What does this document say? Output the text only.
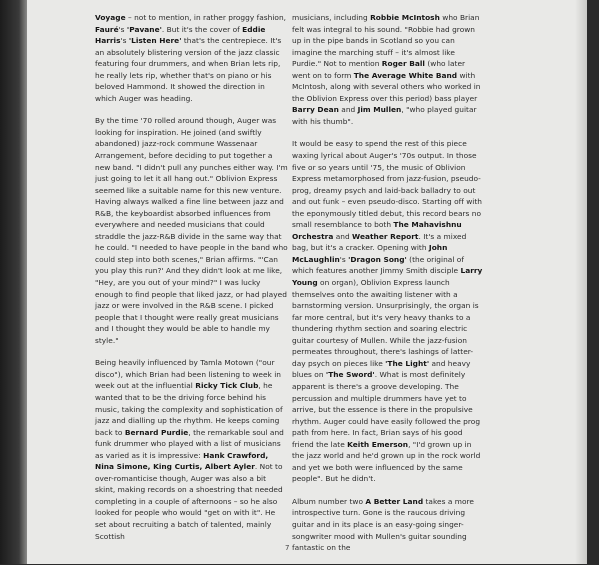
Voyage – not to mention, in rather proggy fashion, Fauré's 'Pavane'. But it's the cover of Eddie Harris's 'Listen Here' that's the centrepiece. It's an absolutely blistering version of the jazz classic featuring four drummers, and when Brian lets rip, he really lets rip, whether that's on piano or his beloved Hammond. It showed the direction in which Auger was heading.

By the time '70 rolled around though, Auger was looking for inspiration. He joined (and swiftly abandoned) jazz-rock commune Wassenaar Arrangement, before deciding to put together a new band. "I didn't pull any punches either way. I'm just going to let it all hang out." Oblivion Express seemed like a suitable name for this new venture. Having always walked a fine line between jazz and R&B, the keyboardist absorbed influences from everywhere and needed musicians that could straddle the jazz-R&B divide in the same way that he could. "I needed to have people in the band who could step into both scenes," Brian affirms. "'Can you play this run?' And they didn't look at me like, "Hey, are you out of your mind?" I was lucky enough to find people that liked jazz, or had played jazz or were involved in the R&B scene. I picked people that I thought were really great musicians and I thought they would be able to handle my style."

Being heavily influenced by Tamla Motown ("our disco"), which Brian had been listening to week in week out at the influential Ricky Tick Club, he wanted that to be the driving force behind his music, taking the complexity and sophistication of jazz and dialling up the rhythm. He keeps coming back to Bernard Purdie, the remarkable soul and funk drummer who played with a list of musicians as varied as it is impressive: Hank Crawford, Nina Simone, King Curtis, Albert Ayler. Not to over-romanticise though, Auger was also a bit skint, making records on a shoestring that needed completing in a couple of afternoons – so he also looked for people who would "get on with it". He set about recruiting a batch of talented, mainly Scottish

musicians, including Robbie McIntosh who Brian felt was integral to his sound. "Robbie had grown up in the pipe bands in Scotland so you can imagine the marching stuff – it's almost like Purdie." Not to mention Roger Ball (who later went on to form The Average White Band with McIntosh, along with several others who worked in the Oblivion Express over this period) bass player Barry Dean and Jim Mullen, "who played guitar with his thumb".

It would be easy to spend the rest of this piece waxing lyrical about Auger's '70s output. In those five or so years until '75, the music of Oblivion Express metamorphosed from jazz-fusion, pseudo-prog, dreamy psych and laid-back balladry to out and out funk – even pseudo-disco. Starting off with the eponymously titled debut, this record bears no small resemblance to both The Mahavishnu Orchestra and Weather Report. It's a mixed bag, but it's a cracker. Opening with John McLaughlin's 'Dragon Song' (the original of which features another Jimmy Smith disciple Larry Young on organ), Oblivion Express launch themselves onto the awaiting listener with a barnstorming version. Unsurprisingly, the organ is far more central, but it's very heavy thanks to a thundering rhythm section and soaring electric guitar courtesy of Mullen. While the jazz-fusion permeates throughout, there's lashings of latter-day psych on pieces like 'The Light' and heavy blues on 'The Sword'. What is most definitely apparent is there's a groove developing. The percussion and multiple drummers have yet to arrive, but the essence is there in the propulsive rhythm. Auger could have easily followed the prog path from here. In fact, Brian says of his good friend the late Keith Emerson, "I'd grown up in the jazz world and he'd grown up in the rock world and yet we both were influenced by the same people". But he didn't.

Album number two A Better Land takes a more introspective turn. Gone is the raucous driving guitar and in its place is an easy-going singer-songwriter mood with Mullen's guitar sounding fantastic on the

7
